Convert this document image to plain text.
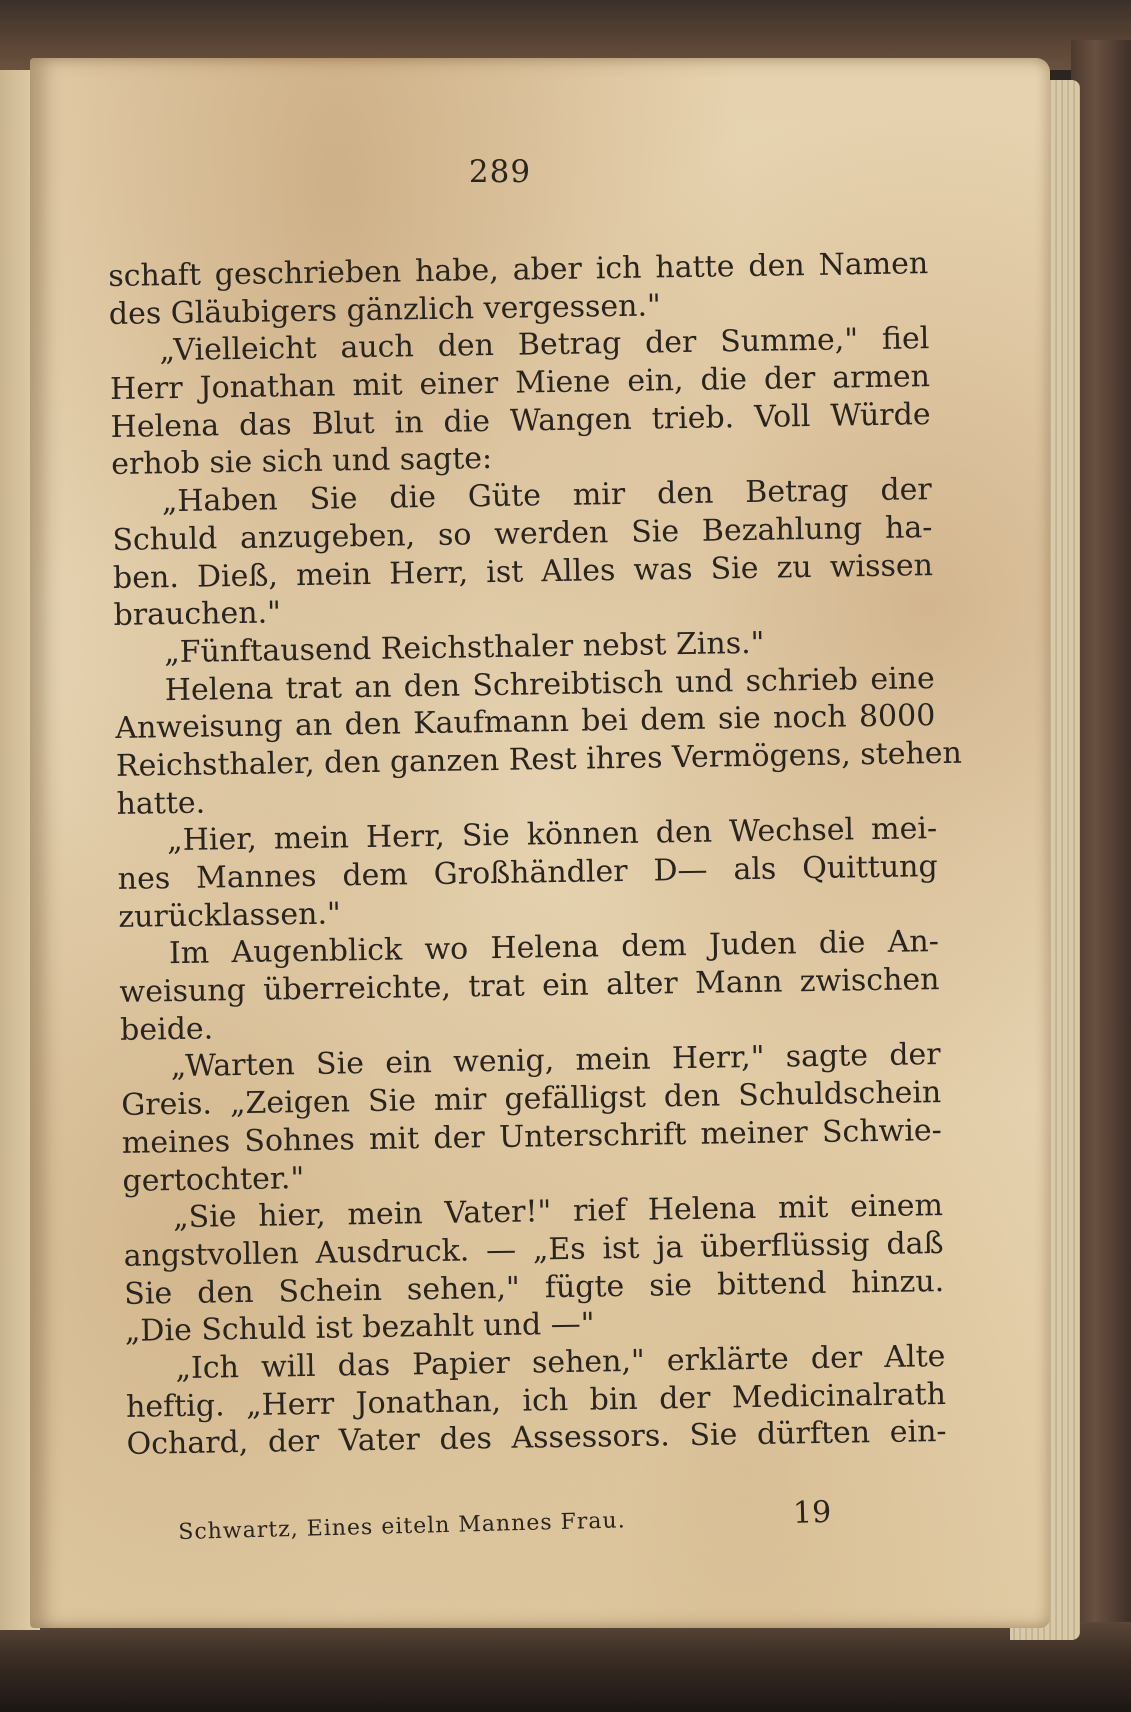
289
schaft geschrieben habe, aber ich hatte den Namen
des Gläubigers gänzlich vergessen."
„Vielleicht auch den Betrag der Summe," fiel
Herr Jonathan mit einer Miene ein, die der armen
Helena das Blut in die Wangen trieb. Voll Würde
erhob sie sich und sagte:
„Haben Sie die Güte mir den Betrag der
Schuld anzugeben, so werden Sie Bezahlung ha-
ben. Dieß, mein Herr, ist Alles was Sie zu wissen
brauchen."
„Fünftausend Reichsthaler nebst Zins."
Helena trat an den Schreibtisch und schrieb eine
Anweisung an den Kaufmann bei dem sie noch 8000
Reichsthaler, den ganzen Rest ihres Vermögens, stehen
hatte.
„Hier, mein Herr, Sie können den Wechsel mei-
nes Mannes dem Großhändler D— als Quittung
zurücklassen."
Im Augenblick wo Helena dem Juden die An-
weisung überreichte, trat ein alter Mann zwischen
beide.
„Warten Sie ein wenig, mein Herr," sagte der
Greis. „Zeigen Sie mir gefälligst den Schuldschein
meines Sohnes mit der Unterschrift meiner Schwie-
gertochter."
„Sie hier, mein Vater!" rief Helena mit einem
angstvollen Ausdruck. — „Es ist ja überflüssig daß
Sie den Schein sehen," fügte sie bittend hinzu.
„Die Schuld ist bezahlt und —"
„Ich will das Papier sehen," erklärte der Alte
heftig. „Herr Jonathan, ich bin der Medicinalrath
Ochard, der Vater des Assessors. Sie dürften ein-
Schwartz, Eines eiteln Mannes Frau.	19
